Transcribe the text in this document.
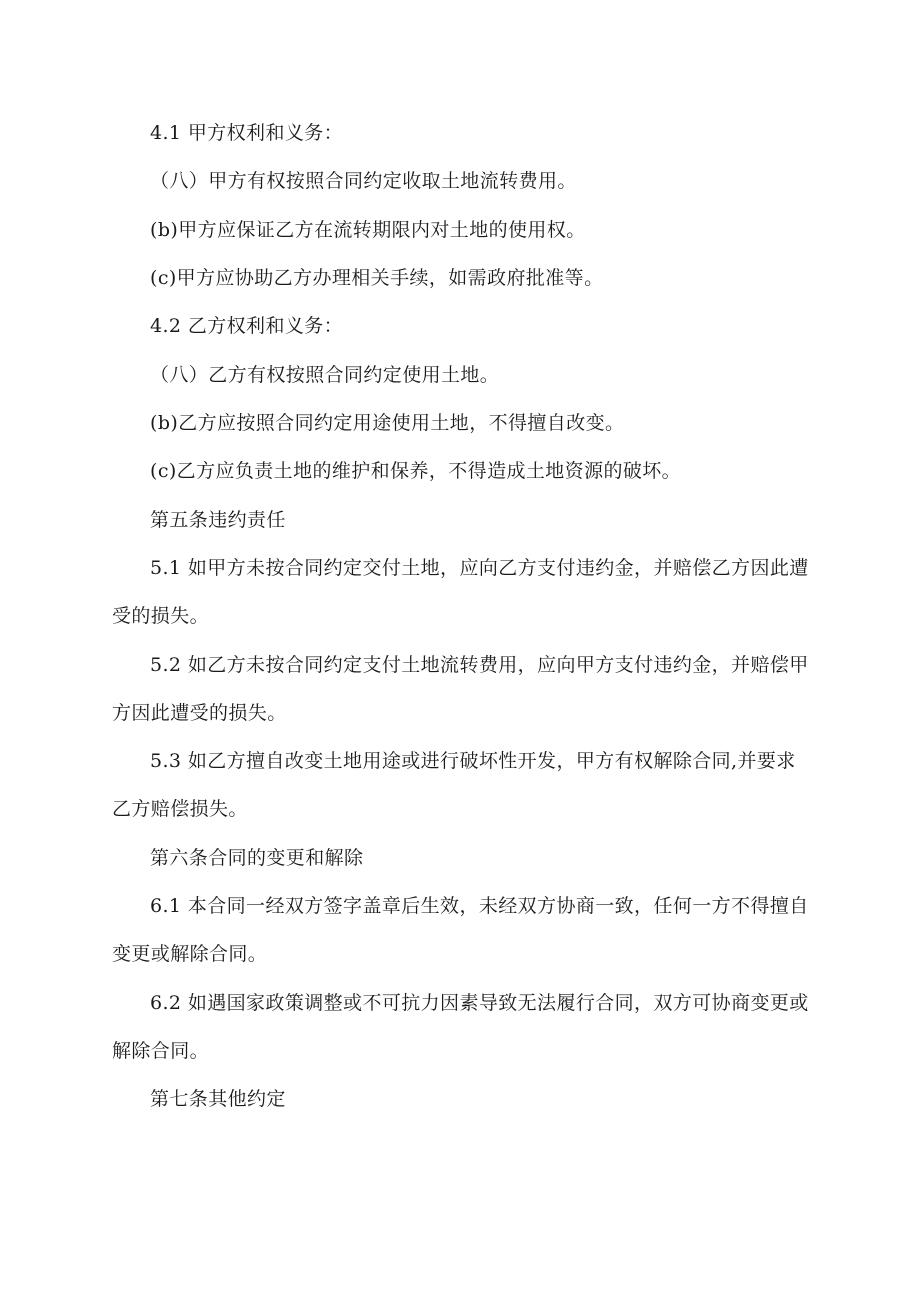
4.1 甲方权利和义务：

（八）甲方有权按照合同约定收取土地流转费用。

(b)甲方应保证乙方在流转期限内对土地的使用权。

(c)甲方应协助乙方办理相关手续，如需政府批准等。

4.2 乙方权利和义务：

（八）乙方有权按照合同约定使用土地。

(b)乙方应按照合同约定用途使用土地，不得擅自改变。

(c)乙方应负责土地的维护和保养，不得造成土地资源的破坏。

第五条违约责任

5.1 如甲方未按合同约定交付土地，应向乙方支付违约金，并赔偿乙方因此遭受的损失。

5.2 如乙方未按合同约定支付土地流转费用，应向甲方支付违约金，并赔偿甲方因此遭受的损失。

5.3 如乙方擅自改变土地用途或进行破坏性开发，甲方有权解除合同,并要求乙方赔偿损失。

第六条合同的变更和解除

6.1 本合同一经双方签字盖章后生效，未经双方协商一致，任何一方不得擅自变更或解除合同。

6.2 如遇国家政策调整或不可抗力因素导致无法履行合同，双方可协商变更或解除合同。

第七条其他约定
